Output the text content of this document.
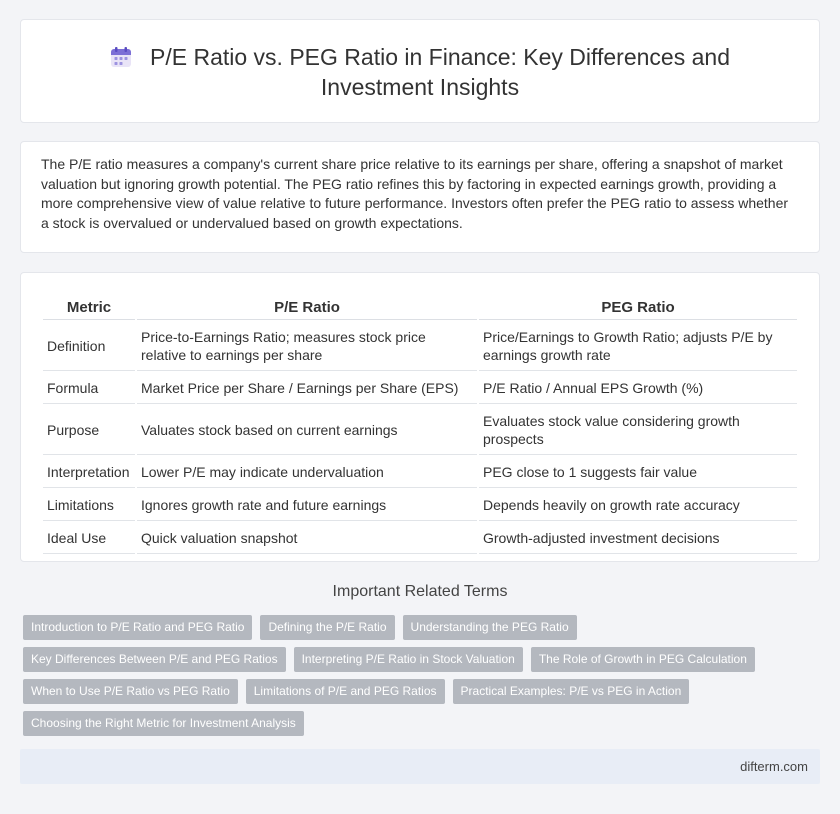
P/E Ratio vs. PEG Ratio in Finance: Key Differences and
Investment Insights

The P/E ratio measures a company's current share price relative to its earnings per share, offering a snapshot of market valuation but ignoring growth potential. The PEG ratio refines this by factoring in expected earnings growth, providing a more comprehensive view of value relative to future performance. Investors often prefer the PEG ratio to assess whether a stock is overvalued or undervalued based on growth expectations.

Metric	P/E Ratio	PEG Ratio
Definition	Price-to-Earnings Ratio; measures stock price relative to earnings per share	Price/Earnings to Growth Ratio; adjusts P/E by earnings growth rate
Formula	Market Price per Share / Earnings per Share (EPS)	P/E Ratio / Annual EPS Growth (%)
Purpose	Valuates stock based on current earnings	Evaluates stock value considering growth prospects
Interpretation	Lower P/E may indicate undervaluation	PEG close to 1 suggests fair value
Limitations	Ignores growth rate and future earnings	Depends heavily on growth rate accuracy
Ideal Use	Quick valuation snapshot	Growth-adjusted investment decisions
Important Related Terms
Introduction to P/E Ratio and PEG Ratio	Defining the P/E Ratio	Understanding the PEG Ratio
Key Differences Between P/E and PEG Ratios	Interpreting P/E Ratio in Stock Valuation	The Role of Growth in PEG Calculation
When to Use P/E Ratio vs PEG Ratio	Limitations of P/E and PEG Ratios	Practical Examples: P/E vs PEG in Action
Choosing the Right Metric for Investment Analysis
difterm.com
